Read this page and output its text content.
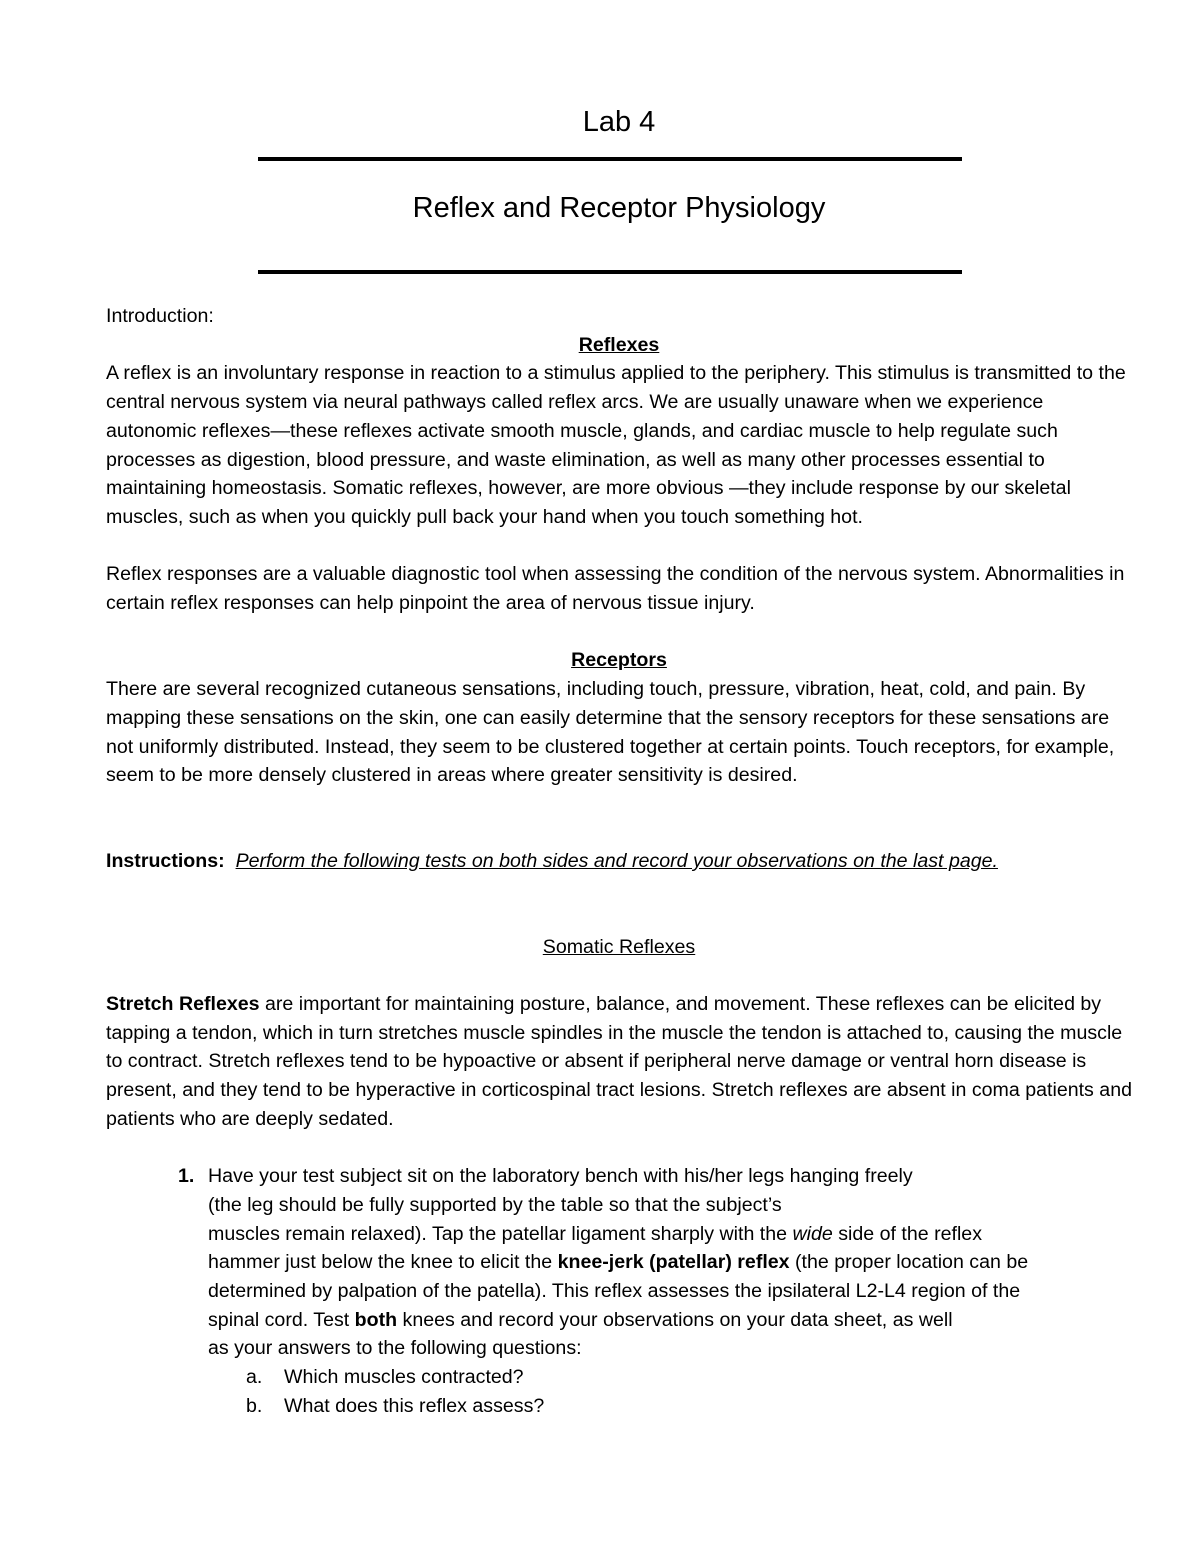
Lab 4
Reflex and Receptor Physiology

Introduction:

Reflexes

A reflex is an involuntary response in reaction to a stimulus applied to the periphery. This stimulus is transmitted to the central nervous system via neural pathways called reflex arcs. We are usually unaware when we experience autonomic reflexes—these reflexes activate smooth muscle, glands, and cardiac muscle to help regulate such processes as digestion, blood pressure, and waste elimination, as well as many other processes essential to maintaining homeostasis. Somatic reflexes, however, are more obvious —they include response by our skeletal muscles, such as when you quickly pull back your hand when you touch something hot.

Reflex responses are a valuable diagnostic tool when assessing the condition of the nervous system. Abnormalities in certain reflex responses can help pinpoint the area of nervous tissue injury.

Receptors

There are several recognized cutaneous sensations, including touch, pressure, vibration, heat, cold, and pain. By mapping these sensations on the skin, one can easily determine that the sensory receptors for these sensations are not uniformly distributed. Instead, they seem to be clustered together at certain points. Touch receptors, for example, seem to be more densely clustered in areas where greater sensitivity is desired.

Instructions: Perform the following tests on both sides and record your observations on the last page.

Somatic Reflexes

Stretch Reflexes are important for maintaining posture, balance, and movement. These reflexes can be elicited by tapping a tendon, which in turn stretches muscle spindles in the muscle the tendon is attached to, causing the muscle to contract. Stretch reflexes tend to be hypoactive or absent if peripheral nerve damage or ventral horn disease is present, and they tend to be hyperactive in corticospinal tract lesions. Stretch reflexes are absent in coma patients and patients who are deeply sedated.

1. Have your test subject sit on the laboratory bench with his/her legs hanging freely

(the leg should be fully supported by the table so that the subject’s

muscles remain relaxed). Tap the patellar ligament sharply with the wide side of the reflex

hammer just below the knee to elicit the knee-jerk (patellar) reflex (the proper location can be

determined by palpation of the patella). This reflex assesses the ipsilateral L2-L4 region of the

spinal cord. Test both knees and record your observations on your data sheet, as well

as your answers to the following questions:

a. Which muscles contracted?

b. What does this reflex assess?
